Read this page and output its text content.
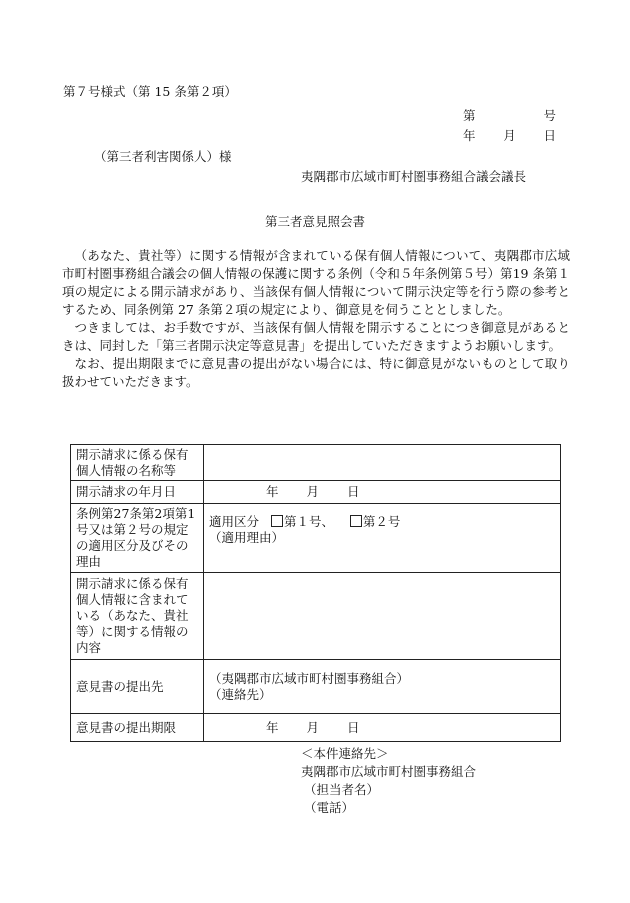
第７号様式（第 15 条第２項）
第	号
年 月 日
（第三者利害関係人）様
夷隅郡市広域市町村圏事務組合議会議長
第三者意見照会書

（あなた、貴社等）に関する情報が含まれている保有個人情報について、夷隅郡市広域市町村圏事務組合議会の個人情報の保護に関する条例（令和５年条例第５号）第19 条第１項の規定による開示請求があり、当該保有個人情報について開示決定等を行う際の参考とするため、同条例第 27 条第２項の規定により、御意見を伺うこととしました。

つきましては、お手数ですが、当該保有個人情報を開示することにつき御意見があるときは、同封した「第三者開示決定等意見書」を提出していただきますようお願いします。

なお、提出期限までに意見書の提出がない場合には、特に御意見がないものとして取り扱わせていただきます。

開示請求に係る保有個人情報の名称等	
開示請求の年月日	年 月 日
条例第27条第2項第1 号又は第２号の規定の適用区分及びその理由	適用区分 第１号、 第２号
（適用理由）

開示請求に係る保有個人情報に含まれている（あなた、貴社等）に関する情報の内容	
意見書の提出先	（夷隅郡市広域市町村圏事務組合）
（連絡先）

意見書の提出期限	年 月 日
＜本件連絡先＞
夷隅郡市広域市町村圏事務組合
（担当者名）
（電話）
